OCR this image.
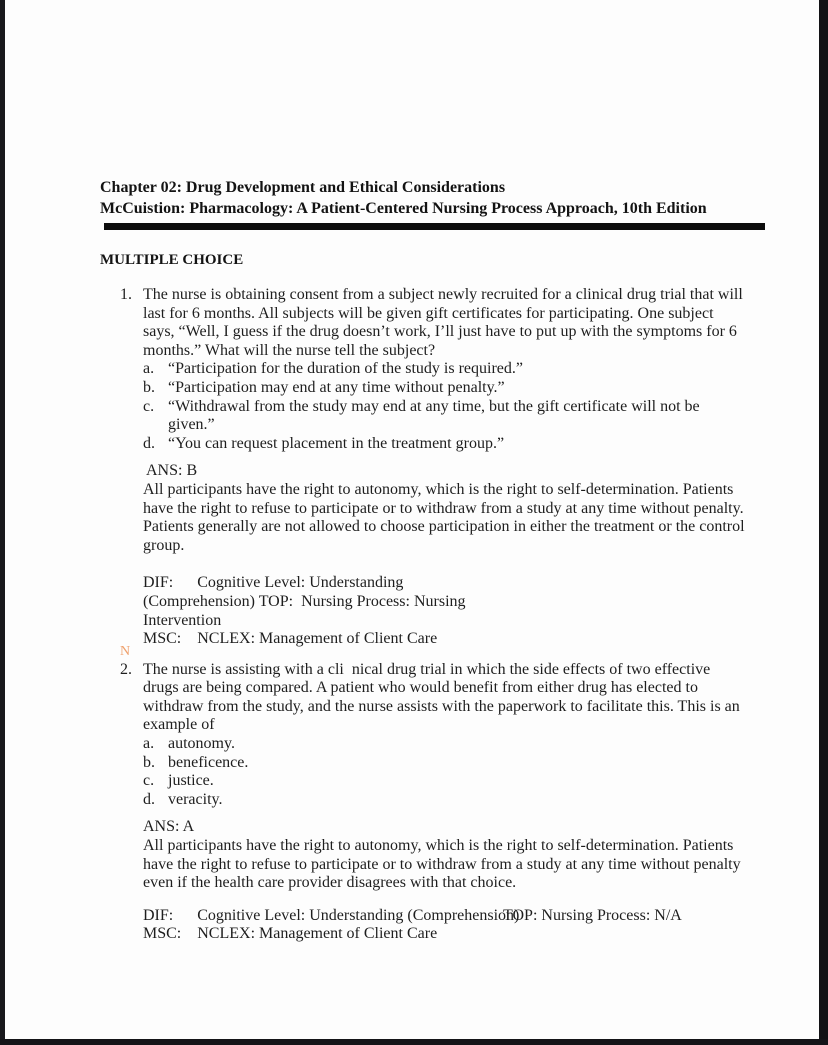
Chapter 02: Drug Development and Ethical Considerations
McCuistion: Pharmacology: A Patient-Centered Nursing Process Approach, 10th Edition
MULTIPLE CHOICE
1. The nurse is obtaining consent from a subject newly recruited for a clinical drug trial that will last for 6 months. All subjects will be given gift certificates for participating. One subject says, “Well, I guess if the drug doesn’t work, I’ll just have to put up with the symptoms for 6 months.” What will the nurse tell the subject?
a. “Participation for the duration of the study is required.”
b. “Participation may end at any time without penalty.”
c. “Withdrawal from the study may end at any time, but the gift certificate will not be given.”
d. “You can request placement in the treatment group.”
ANS: B
All participants have the right to autonomy, which is the right to self-determination. Patients have the right to refuse to participate or to withdraw from a study at any time without penalty. Patients generally are not allowed to choose participation in either the treatment or the control group.
DIF:      Cognitive Level: Understanding
(Comprehension) TOP:  Nursing Process: Nursing
Intervention
MSC:    NCLEX: Management of Client Care
N
2. The nurse is assisting with a cli  nical drug trial in which the side effects of two effective drugs are being compared. A patient who would benefit from either drug has elected to withdraw from the study, and the nurse assists with the paperwork to facilitate this. This is an example of
a. autonomy.
b. beneficence.
c. justice.
d. veracity.
ANS: A
All participants have the right to autonomy, which is the right to self-determination. Patients have the right to refuse to participate or to withdraw from a study at any time without penalty even if the health care provider disagrees with that choice.
DIF:      Cognitive Level: Understanding (Comprehension)
TOP: Nursing Process: N/A
MSC:    NCLEX: Management of Client Care
